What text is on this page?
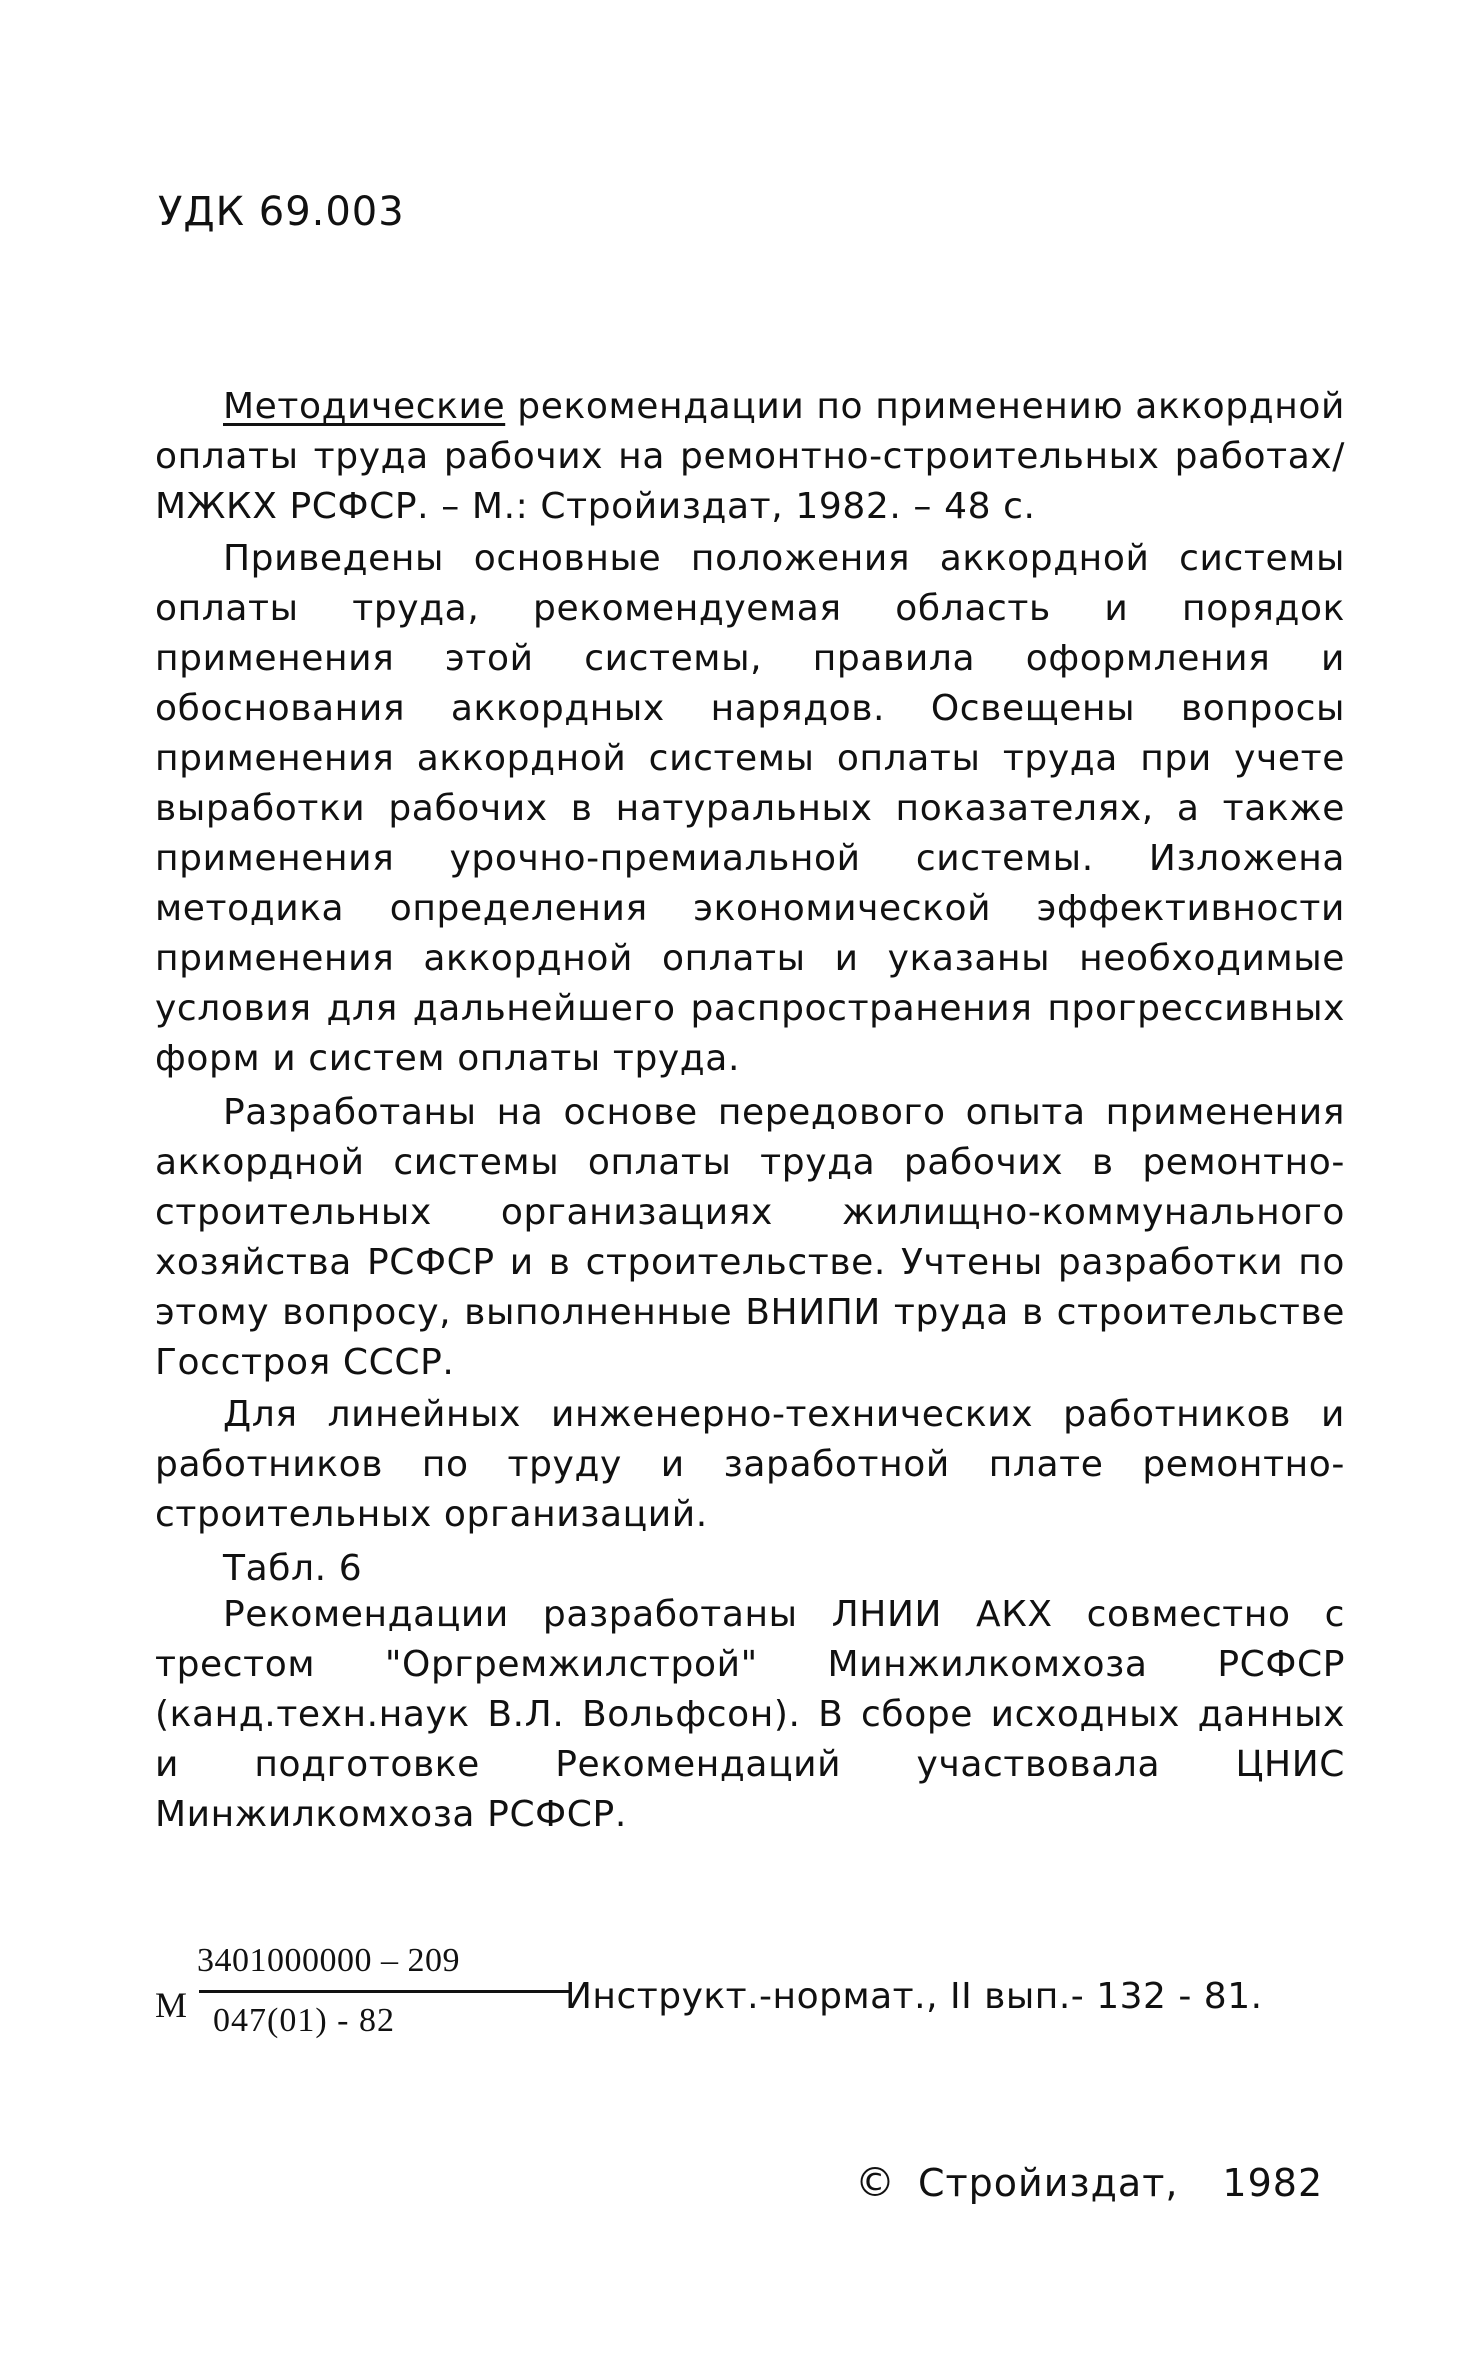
УДК 69.003

Методические рекомендации по применению аккордной оплаты труда рабочих на ремонтно-строительных работах/МЖКХ РСФСР. – М.: Стройиздат, 1982. – 48 с.

Приведены основные положения аккордной системы оплаты труда, рекомендуемая область и порядок применения этой системы, правила оформления и обоснования аккордных нарядов. Освещены вопросы применения аккордной системы оплаты труда при учете выработки рабочих в натуральных показателях, а также применения урочно-премиальной системы. Изложена методика определения экономической эффективности применения аккордной оплаты и указаны необходимые условия для дальнейшего распространения прогрессивных форм и систем оплаты труда.

Разработаны на основе передового опыта применения аккордной системы оплаты труда рабочих в ремонтно-строительных организациях жилищно-коммунального хозяйства РСФСР и в строительстве. Учтены разработки по этому вопросу, выполненные ВНИПИ труда в строительстве Госстроя СССР.

Для линейных инженерно-технических работников и работников по труду и заработной плате ремонтно-строительных организаций.

Табл. 6

Рекомендации разработаны ЛНИИ АКХ совместно с трестом "Оргремжилстрой" Минжилкомхоза РСФСР (канд.техн.наук В.Л. Вольфсон). В сборе исходных данных и подготовке Рекомендаций участвовала ЦНИС Минжилкомхоза РСФСР.

М
3401000000 – 209
047(01) - 82
Инструкт.-нормат., II вып.- 132 - 81.
© Стройиздат, 1982
